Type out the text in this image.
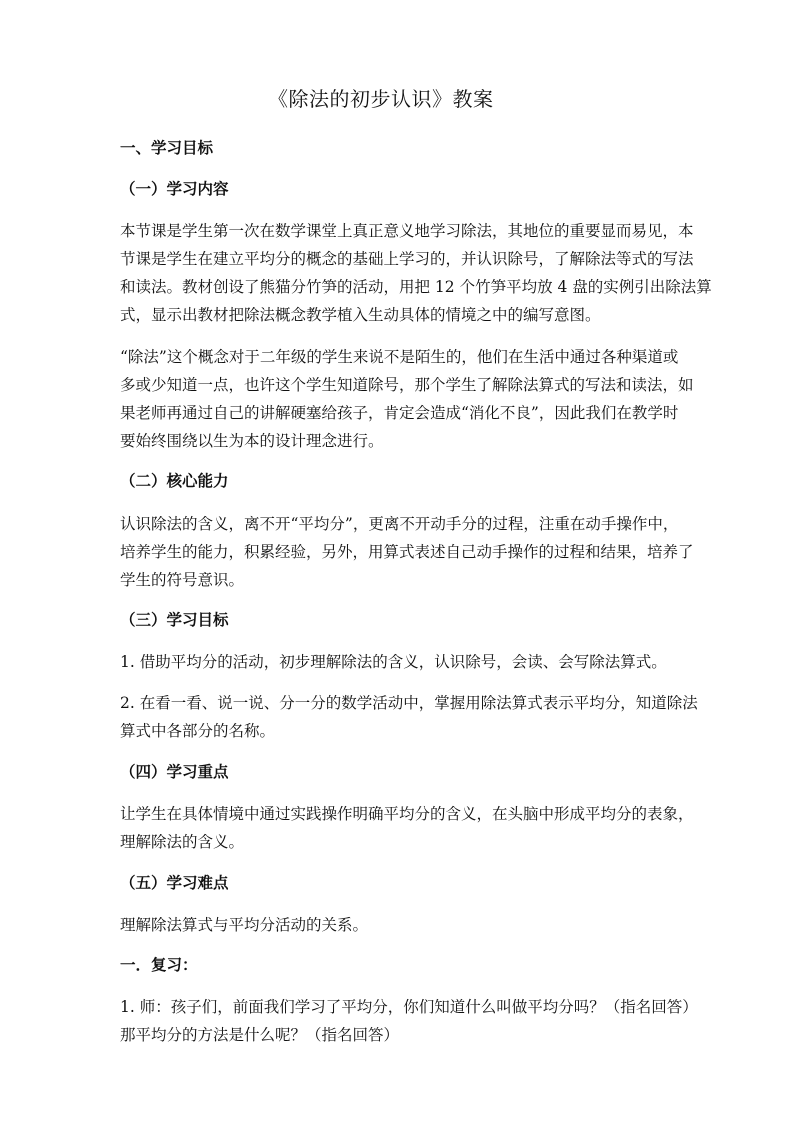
《除法的初步认识》教案
一、学习目标
（一）学习内容
本节课是学生第一次在数学课堂上真正意义地学习除法，其地位的重要显而易见，本
节课是学生在建立平均分的概念的基础上学习的，并认识除号，了解除法等式的写法
和读法。教材创设了熊猫分竹笋的活动，用把 12 个竹笋平均放 4 盘的实例引出除法算
式，显示出教材把除法概念教学植入生动具体的情境之中的编写意图。
“除法”这个概念对于二年级的学生来说不是陌生的，他们在生活中通过各种渠道或
多或少知道一点，也许这个学生知道除号，那个学生了解除法算式的写法和读法，如
果老师再通过自己的讲解硬塞给孩子，肯定会造成“消化不良”，因此我们在教学时
要始终围绕以生为本的设计理念进行。
（二）核心能力
认识除法的含义，离不开“平均分”，更离不开动手分的过程，注重在动手操作中，
培养学生的能力，积累经验，另外，用算式表述自己动手操作的过程和结果，培养了
学生的符号意识。
（三）学习目标
1. 借助平均分的活动，初步理解除法的含义，认识除号，会读、会写除法算式。
2. 在看一看、说一说、分一分的数学活动中，掌握用除法算式表示平均分，知道除法
算式中各部分的名称。
（四）学习重点
让学生在具体情境中通过实践操作明确平均分的含义，在头脑中形成平均分的表象，
理解除法的含义。
（五）学习难点
理解除法算式与平均分活动的关系。
一．复习：
1. 师：孩子们，前面我们学习了平均分，你们知道什么叫做平均分吗？（指名回答）
那平均分的方法是什么呢？（指名回答）
